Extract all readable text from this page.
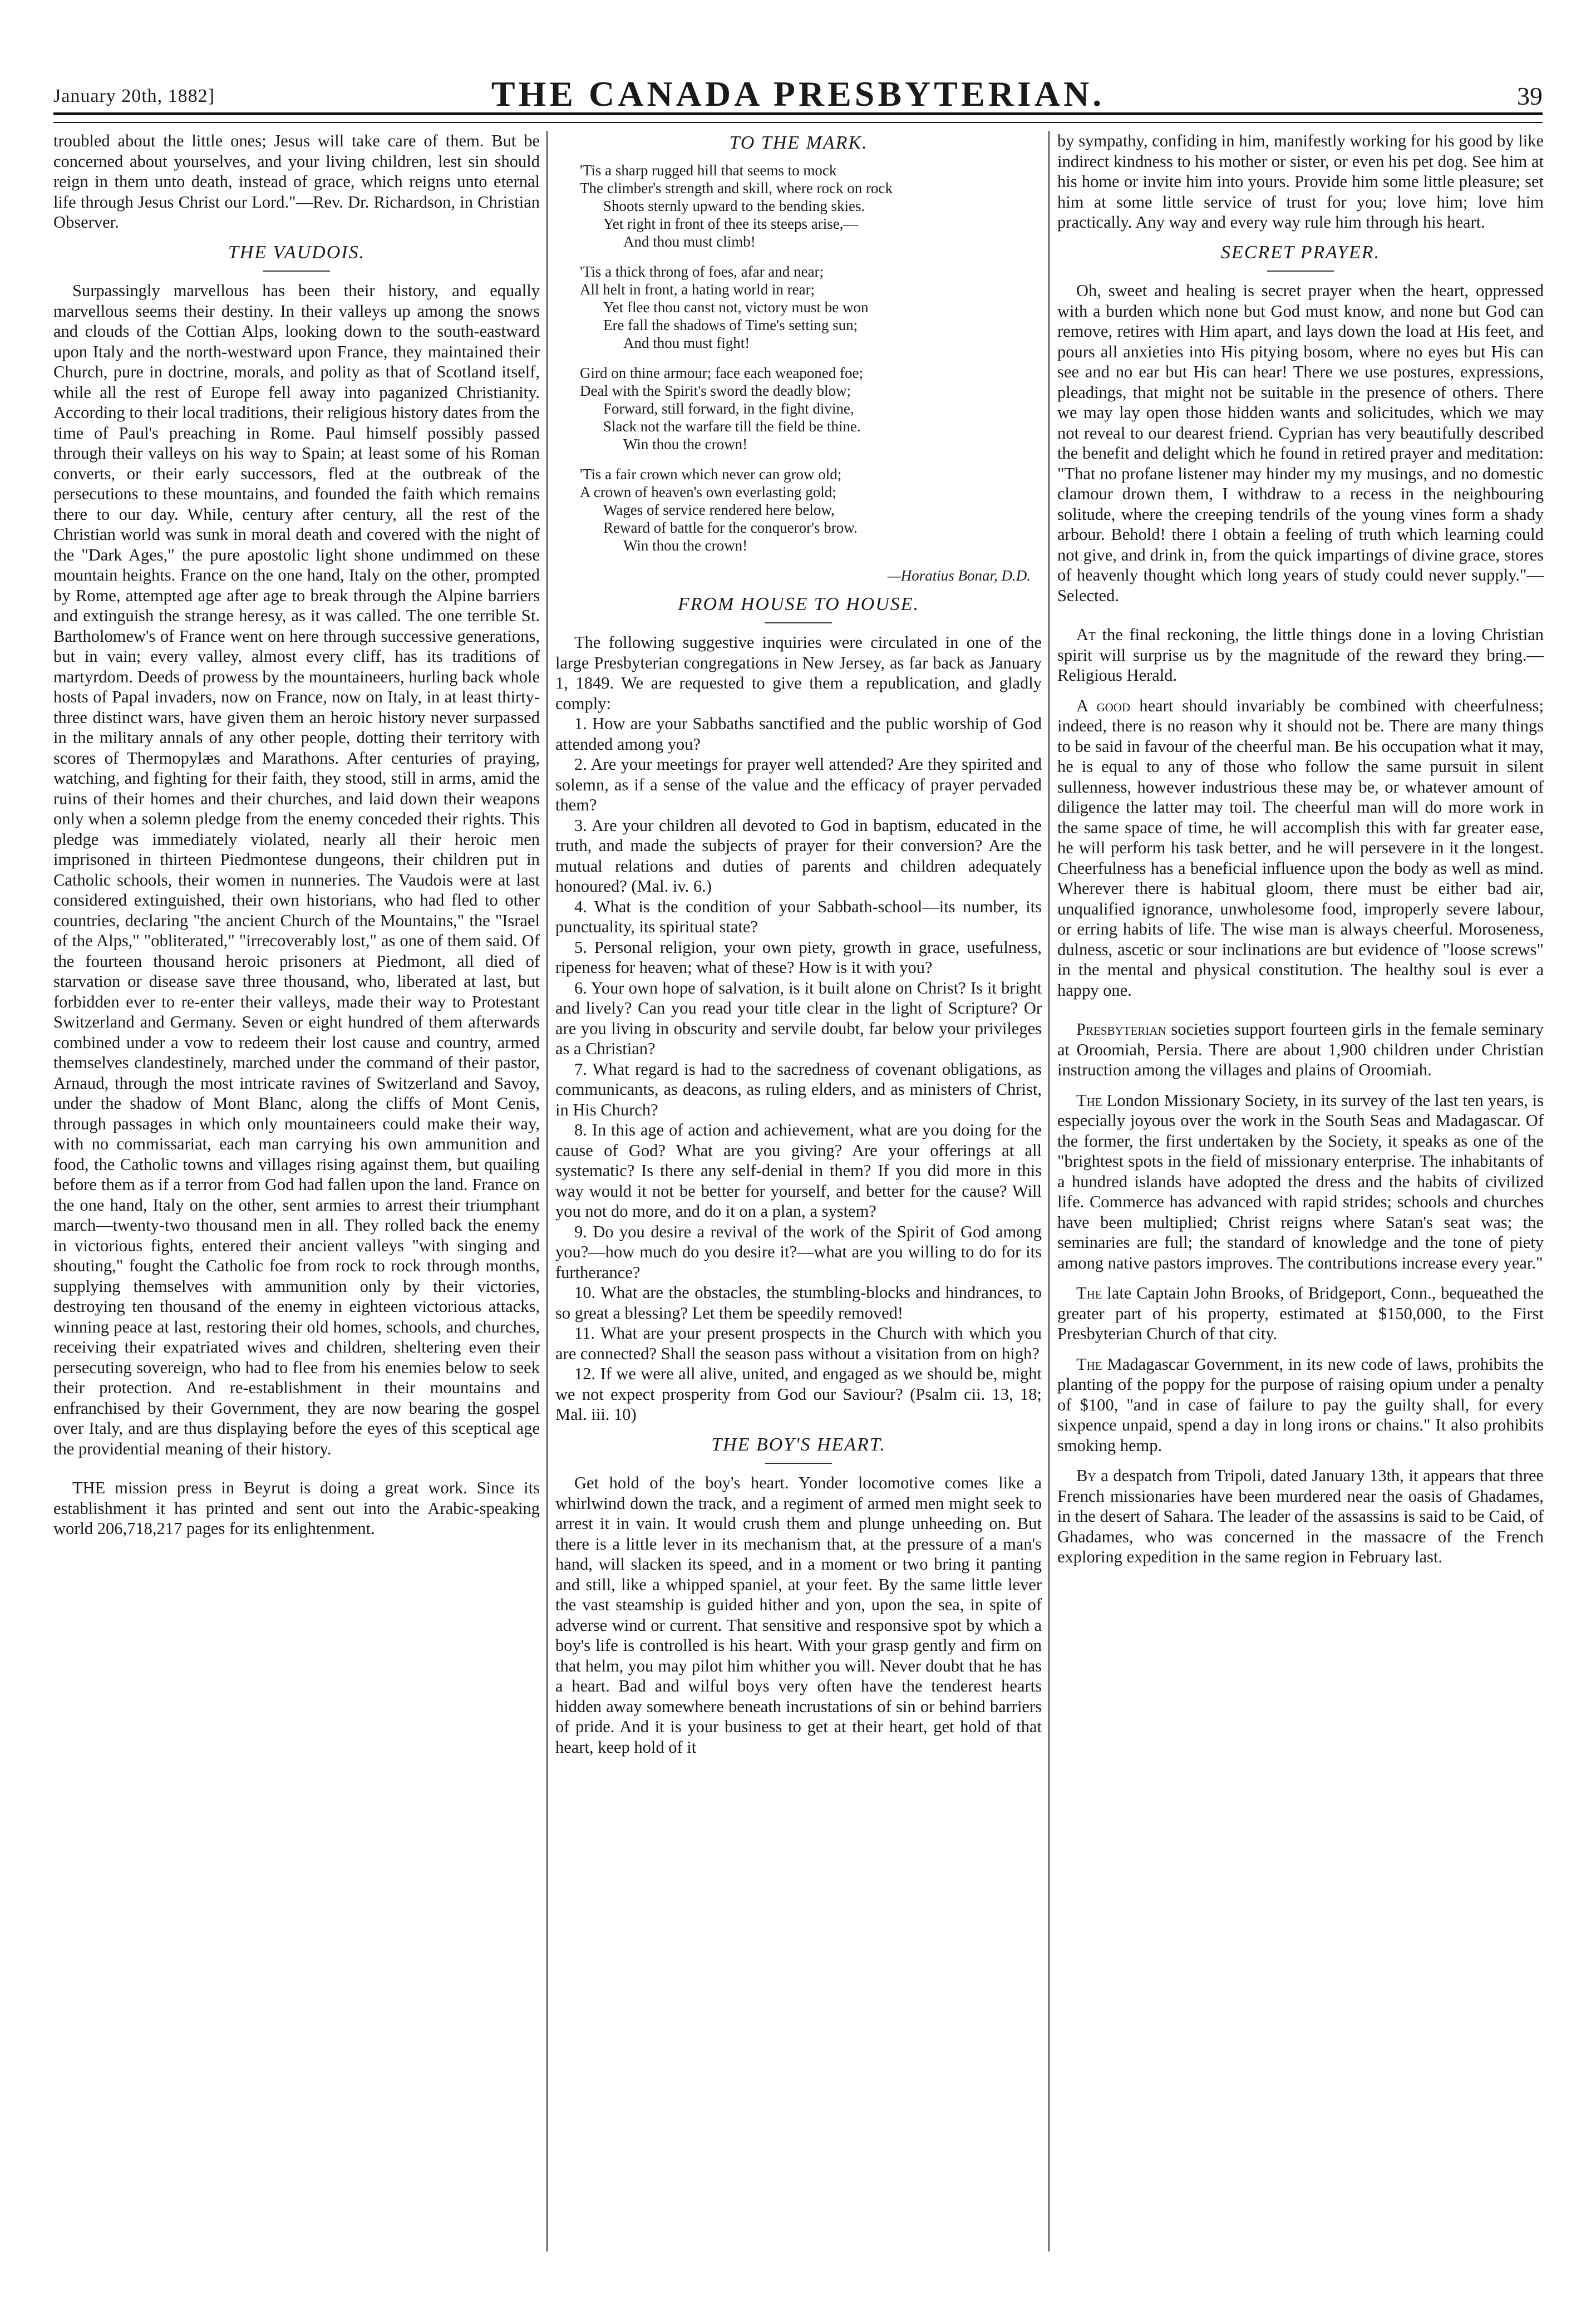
January 20th, 1882]	THE CANADA PRESBYTERIAN.	39

troubled about the little ones; Jesus will take care of them. But be concerned about yourselves, and your living children, lest sin should reign in them unto death, instead of grace, which reigns unto eternal life through Jesus Christ our Lord."—Rev. Dr. Richardson, in Christian Observer.

THE VAUDOIS.

Surpassingly marvellous has been their history, and equally marvellous seems their destiny. In their valleys up among the snows and clouds of the Cottian Alps, looking down to the south-eastward upon Italy and the north-westward upon France, they maintained their Church, pure in doctrine, morals, and polity as that of Scotland itself, while all the rest of Europe fell away into paganized Christianity. According to their local traditions, their religious history dates from the time of Paul's preaching in Rome. Paul himself possibly passed through their valleys on his way to Spain; at least some of his Roman converts, or their early successors, fled at the outbreak of the persecutions to these mountains, and founded the faith which remains there to our day. While, century after century, all the rest of the Christian world was sunk in moral death and covered with the night of the "Dark Ages," the pure apostolic light shone undimmed on these mountain heights. France on the one hand, Italy on the other, prompted by Rome, attempted age after age to break through the Alpine barriers and extinguish the strange heresy, as it was called. The one terrible St. Bartholomew's of France went on here through successive generations, but in vain; every valley, almost every cliff, has its traditions of martyrdom. Deeds of prowess by the mountaineers, hurling back whole hosts of Papal invaders, now on France, now on Italy, in at least thirty-three distinct wars, have given them an heroic history never surpassed in the military annals of any other people, dotting their territory with scores of Thermopylæs and Marathons. After centuries of praying, watching, and fighting for their faith, they stood, still in arms, amid the ruins of their homes and their churches, and laid down their weapons only when a solemn pledge from the enemy conceded their rights. This pledge was immediately violated, nearly all their heroic men imprisoned in thirteen Piedmontese dungeons, their children put in Catholic schools, their women in nunneries. The Vaudois were at last considered extinguished, their own historians, who had fled to other countries, declaring "the ancient Church of the Mountains," the "Israel of the Alps," "obliterated," "irrecoverably lost," as one of them said. Of the fourteen thousand heroic prisoners at Piedmont, all died of starvation or disease save three thousand, who, liberated at last, but forbidden ever to re-enter their valleys, made their way to Protestant Switzerland and Germany. Seven or eight hundred of them afterwards combined under a vow to redeem their lost cause and country, armed themselves clandestinely, marched under the command of their pastor, Arnaud, through the most intricate ravines of Switzerland and Savoy, under the shadow of Mont Blanc, along the cliffs of Mont Cenis, through passages in which only mountaineers could make their way, with no commissariat, each man carrying his own ammunition and food, the Catholic towns and villages rising against them, but quailing before them as if a terror from God had fallen upon the land. France on the one hand, Italy on the other, sent armies to arrest their triumphant march—twenty-two thousand men in all. They rolled back the enemy in victorious fights, entered their ancient valleys "with singing and shouting," fought the Catholic foe from rock to rock through months, supplying themselves with ammunition only by their victories, destroying ten thousand of the enemy in eighteen victorious attacks, winning peace at last, restoring their old homes, schools, and churches, receiving their expatriated wives and children, sheltering even their persecuting sovereign, who had to flee from his enemies below to seek their protection. And re-establishment in their mountains and enfranchised by their Government, they are now bearing the gospel over Italy, and are thus displaying before the eyes of this sceptical age the providential meaning of their history.

THE mission press in Beyrut is doing a great work. Since its establishment it has printed and sent out into the Arabic-speaking world 206,718,217 pages for its enlightenment.

TO THE MARK.
'Tis a sharp rugged hill that seems to mock
The climber's strength and skill, where rock on rock
Shoots sternly upward to the bending skies.
Yet right in front of thee its steeps arise,—
And thou must climb!
'Tis a thick throng of foes, afar and near;
All helt in front, a hating world in rear;
Yet flee thou canst not, victory must be won
Ere fall the shadows of Time's setting sun;
And thou must fight!
Gird on thine armour; face each weaponed foe;
Deal with the Spirit's sword the deadly blow;
Forward, still forward, in the fight divine,
Slack not the warfare till the field be thine.
Win thou the crown!
'Tis a fair crown which never can grow old;
A crown of heaven's own everlasting gold;
Wages of service rendered here below,
Reward of battle for the conqueror's brow.
Win thou the crown!
—Horatius Bonar, D.D.
FROM HOUSE TO HOUSE.

The following suggestive inquiries were circulated in one of the large Presbyterian congregations in New Jersey, as far back as January 1, 1849. We are requested to give them a republication, and gladly comply:

1. How are your Sabbaths sanctified and the public worship of God attended among you?

2. Are your meetings for prayer well attended? Are they spirited and solemn, as if a sense of the value and the efficacy of prayer pervaded them?

3. Are your children all devoted to God in baptism, educated in the truth, and made the subjects of prayer for their conversion? Are the mutual relations and duties of parents and children adequately honoured? (Mal. iv. 6.)

4. What is the condition of your Sabbath-school—its number, its punctuality, its spiritual state?

5. Personal religion, your own piety, growth in grace, usefulness, ripeness for heaven; what of these? How is it with you?

6. Your own hope of salvation, is it built alone on Christ? Is it bright and lively? Can you read your title clear in the light of Scripture? Or are you living in obscurity and servile doubt, far below your privileges as a Christian?

7. What regard is had to the sacredness of covenant obligations, as communicants, as deacons, as ruling elders, and as ministers of Christ, in His Church?

8. In this age of action and achievement, what are you doing for the cause of God? What are you giving? Are your offerings at all systematic? Is there any self-denial in them? If you did more in this way would it not be better for yourself, and better for the cause? Will you not do more, and do it on a plan, a system?

9. Do you desire a revival of the work of the Spirit of God among you?—how much do you desire it?—what are you willing to do for its furtherance?

10. What are the obstacles, the stumbling-blocks and hindrances, to so great a blessing? Let them be speedily removed!

11. What are your present prospects in the Church with which you are connected? Shall the season pass without a visitation from on high?

12. If we were all alive, united, and engaged as we should be, might we not expect prosperity from God our Saviour? (Psalm cii. 13, 18; Mal. iii. 10)

THE BOY'S HEART.

Get hold of the boy's heart. Yonder locomotive comes like a whirlwind down the track, and a regiment of armed men might seek to arrest it in vain. It would crush them and plunge unheeding on. But there is a little lever in its mechanism that, at the pressure of a man's hand, will slacken its speed, and in a moment or two bring it panting and still, like a whipped spaniel, at your feet. By the same little lever the vast steamship is guided hither and yon, upon the sea, in spite of adverse wind or current. That sensitive and responsive spot by which a boy's life is controlled is his heart. With your grasp gently and firm on that helm, you may pilot him whither you will. Never doubt that he has a heart. Bad and wilful boys very often have the tenderest hearts hidden away somewhere beneath incrustations of sin or behind barriers of pride. And it is your business to get at their heart, get hold of that heart, keep hold of it

by sympathy, confiding in him, manifestly working for his good by like indirect kindness to his mother or sister, or even his pet dog. See him at his home or invite him into yours. Provide him some little pleasure; set him at some little service of trust for you; love him; love him practically. Any way and every way rule him through his heart.

SECRET PRAYER.

Oh, sweet and healing is secret prayer when the heart, oppressed with a burden which none but God must know, and none but God can remove, retires with Him apart, and lays down the load at His feet, and pours all anxieties into His pitying bosom, where no eyes but His can see and no ear but His can hear! There we use postures, expressions, pleadings, that might not be suitable in the presence of others. There we may lay open those hidden wants and solicitudes, which we may not reveal to our dearest friend. Cyprian has very beautifully described the benefit and delight which he found in retired prayer and meditation: "That no profane listener may hinder my my musings, and no domestic clamour drown them, I withdraw to a recess in the neighbouring solitude, where the creeping tendrils of the young vines form a shady arbour. Behold! there I obtain a feeling of truth which learning could not give, and drink in, from the quick impartings of divine grace, stores of heavenly thought which long years of study could never supply."—Selected.

At the final reckoning, the little things done in a loving Christian spirit will surprise us by the magnitude of the reward they bring.—Religious Herald.

A good heart should invariably be combined with cheerfulness; indeed, there is no reason why it should not be. There are many things to be said in favour of the cheerful man. Be his occupation what it may, he is equal to any of those who follow the same pursuit in silent sullenness, however industrious these may be, or whatever amount of diligence the latter may toil. The cheerful man will do more work in the same space of time, he will accomplish this with far greater ease, he will perform his task better, and he will persevere in it the longest. Cheerfulness has a beneficial influence upon the body as well as mind. Wherever there is habitual gloom, there must be either bad air, unqualified ignorance, unwholesome food, improperly severe labour, or erring habits of life. The wise man is always cheerful. Moroseness, dulness, ascetic or sour inclinations are but evidence of "loose screws" in the mental and physical constitution. The healthy soul is ever a happy one.

Presbyterian societies support fourteen girls in the female seminary at Oroomiah, Persia. There are about 1,900 children under Christian instruction among the villages and plains of Oroomiah.

The London Missionary Society, in its survey of the last ten years, is especially joyous over the work in the South Seas and Madagascar. Of the former, the first undertaken by the Society, it speaks as one of the "brightest spots in the field of missionary enterprise. The inhabitants of a hundred islands have adopted the dress and the habits of civilized life. Commerce has advanced with rapid strides; schools and churches have been multiplied; Christ reigns where Satan's seat was; the seminaries are full; the standard of knowledge and the tone of piety among native pastors improves. The contributions increase every year."

The late Captain John Brooks, of Bridgeport, Conn., bequeathed the greater part of his property, estimated at $150,000, to the First Presbyterian Church of that city.

The Madagascar Government, in its new code of laws, prohibits the planting of the poppy for the purpose of raising opium under a penalty of $100, "and in case of failure to pay the guilty shall, for every sixpence unpaid, spend a day in long irons or chains." It also prohibits smoking hemp.

By a despatch from Tripoli, dated January 13th, it appears that three French missionaries have been murdered near the oasis of Ghadames, in the desert of Sahara. The leader of the assassins is said to be Caid, of Ghadames, who was concerned in the massacre of the French exploring expedition in the same region in February last.
